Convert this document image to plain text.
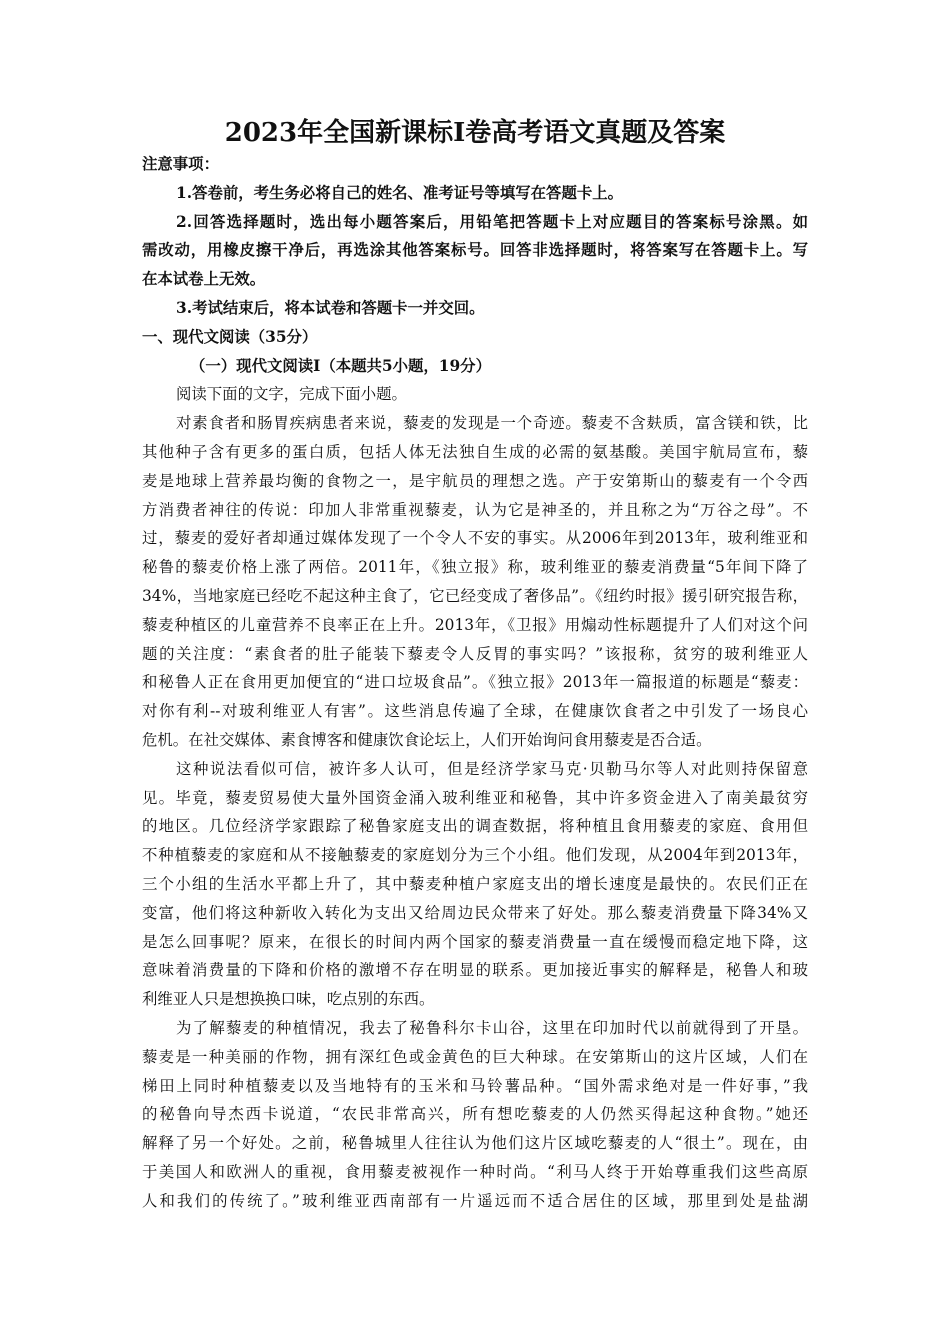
2023年全国新课标Ⅰ卷高考语文真题及答案
注意事项：
1.答卷前，考生务必将自己的姓名、准考证号等填写在答题卡上。
2.回答选择题时，选出每小题答案后，用铅笔把答题卡上对应题目的答案标号涂黑。如
需改动，用橡皮擦干净后，再选涂其他答案标号。回答非选择题时，将答案写在答题卡上。写
在本试卷上无效。
3.考试结束后，将本试卷和答题卡一并交回。
一、现代文阅读（35分）
（一）现代文阅读Ⅰ（本题共5小题，19分）
阅读下面的文字，完成下面小题。
对素食者和肠胃疾病患者来说，藜麦的发现是一个奇迹。藜麦不含麸质，富含镁和铁，比
其他种子含有更多的蛋白质，包括人体无法独自生成的必需的氨基酸。美国宇航局宣布，藜
麦是地球上营养最均衡的食物之一，是宇航员的理想之选。产于安第斯山的藜麦有一个令西
方消费者神往的传说：印加人非常重视藜麦，认为它是神圣的，并且称之为“万谷之母”。不
过，藜麦的爱好者却通过媒体发现了一个令人不安的事实。从2006年到2013年，玻利维亚和
秘鲁的藜麦价格上涨了两倍。2011年，《独立报》称，玻利维亚的藜麦消费量“5年间下降了
34%，当地家庭已经吃不起这种主食了，它已经变成了奢侈品”。《纽约时报》援引研究报告称，
藜麦种植区的儿童营养不良率正在上升。2013年，《卫报》用煽动性标题提升了人们对这个问
题的关注度：“素食者的肚子能装下藜麦令人反胃的事实吗？”该报称，贫穷的玻利维亚人
和秘鲁人正在食用更加便宜的“进口垃圾食品”。《独立报》2013年一篇报道的标题是“藜麦：
对你有利--对玻利维亚人有害”。这些消息传遍了全球，在健康饮食者之中引发了一场良心
危机。在社交媒体、素食博客和健康饮食论坛上，人们开始询问食用藜麦是否合适。
这种说法看似可信，被许多人认可，但是经济学家马克·贝勒马尔等人对此则持保留意
见。毕竟，藜麦贸易使大量外国资金涌入玻利维亚和秘鲁，其中许多资金进入了南美最贫穷
的地区。几位经济学家跟踪了秘鲁家庭支出的调查数据，将种植且食用藜麦的家庭、食用但
不种植藜麦的家庭和从不接触藜麦的家庭划分为三个小组。他们发现，从2004年到2013年，
三个小组的生活水平都上升了，其中藜麦种植户家庭支出的增长速度是最快的。农民们正在
变富，他们将这种新收入转化为支出又给周边民众带来了好处。那么藜麦消费量下降34%又
是怎么回事呢？原来，在很长的时间内两个国家的藜麦消费量一直在缓慢而稳定地下降，这
意味着消费量的下降和价格的激增不存在明显的联系。更加接近事实的解释是，秘鲁人和玻
利维亚人只是想换换口味，吃点别的东西。
为了解藜麦的种植情况，我去了秘鲁科尔卡山谷，这里在印加时代以前就得到了开垦。
藜麦是一种美丽的作物，拥有深红色或金黄色的巨大种球。在安第斯山的这片区域，人们在
梯田上同时种植藜麦以及当地特有的玉米和马铃薯品种。“国外需求绝对是一件好事，”我
的秘鲁向导杰西卡说道，“农民非常高兴，所有想吃藜麦的人仍然买得起这种食物。”她还
解释了另一个好处。之前，秘鲁城里人往往认为他们这片区域吃藜麦的人“很土”。现在，由
于美国人和欧洲人的重视，食用藜麦被视作一种时尚。“利马人终于开始尊重我们这些高原
人和我们的传统了。”玻利维亚西南部有一片遥远而不适合居住的区域，那里到处是盐湖
